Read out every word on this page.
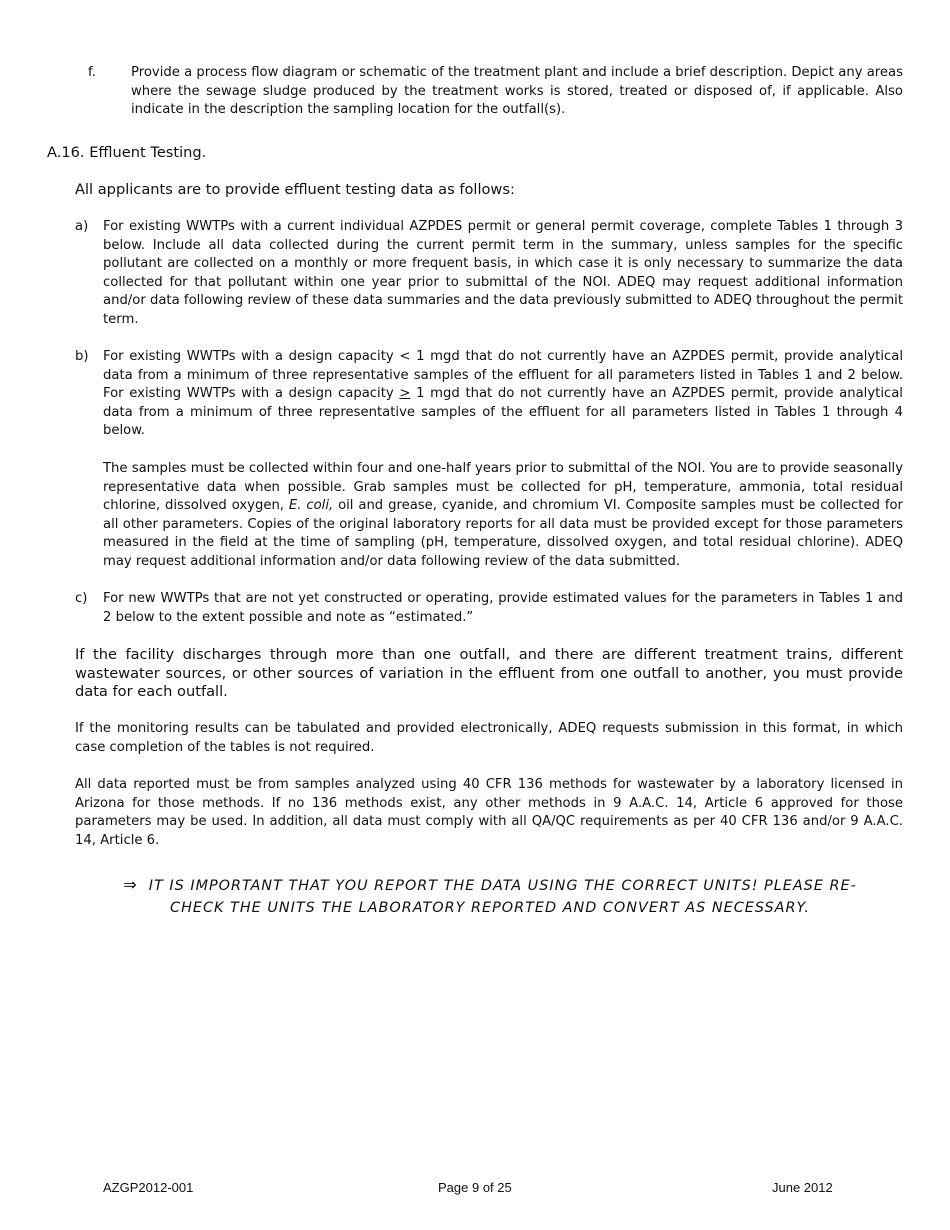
f.	Provide a process flow diagram or schematic of the treatment plant and include a brief description. Depict any areas where the sewage sludge produced by the treatment works is stored, treated or disposed of, if applicable. Also indicate in the description the sampling location for the outfall(s).
A.16. Effluent Testing.
All applicants are to provide effluent testing data as follows:
a) For existing WWTPs with a current individual AZPDES permit or general permit coverage, complete Tables 1 through 3 below. Include all data collected during the current permit term in the summary, unless samples for the specific pollutant are collected on a monthly or more frequent basis, in which case it is only necessary to summarize the data collected for that pollutant within one year prior to submittal of the NOI. ADEQ may request additional information and/or data following review of these data summaries and the data previously submitted to ADEQ throughout the permit term.
b) For existing WWTPs with a design capacity < 1 mgd that do not currently have an AZPDES permit, provide analytical data from a minimum of three representative samples of the effluent for all parameters listed in Tables 1 and 2 below. For existing WWTPs with a design capacity ≥ 1 mgd that do not currently have an AZPDES permit, provide analytical data from a minimum of three representative samples of the effluent for all parameters listed in Tables 1 through 4 below.
The samples must be collected within four and one-half years prior to submittal of the NOI. You are to provide seasonally representative data when possible. Grab samples must be collected for pH, temperature, ammonia, total residual chlorine, dissolved oxygen, E. coli, oil and grease, cyanide, and chromium VI. Composite samples must be collected for all other parameters. Copies of the original laboratory reports for all data must be provided except for those parameters measured in the field at the time of sampling (pH, temperature, dissolved oxygen, and total residual chlorine). ADEQ may request additional information and/or data following review of the data submitted.
c) For new WWTPs that are not yet constructed or operating, provide estimated values for the parameters in Tables 1 and 2 below to the extent possible and note as “estimated.”
If the facility discharges through more than one outfall, and there are different treatment trains, different wastewater sources, or other sources of variation in the effluent from one outfall to another, you must provide data for each outfall.
If the monitoring results can be tabulated and provided electronically, ADEQ requests submission in this format, in which case completion of the tables is not required.
All data reported must be from samples analyzed using 40 CFR 136 methods for wastewater by a laboratory licensed in Arizona for those methods. If no 136 methods exist, any other methods in 9 A.A.C. 14, Article 6 approved for those parameters may be used. In addition, all data must comply with all QA/QC requirements as per 40 CFR 136 and/or 9 A.A.C. 14, Article 6.
⇒ IT IS IMPORTANT THAT YOU REPORT THE DATA USING THE CORRECT UNITS! PLEASE RE-
CHECK THE UNITS THE LABORATORY REPORTED AND CONVERT AS NECESSARY.
AZGP2012-001	Page 9 of 25	June 2012
